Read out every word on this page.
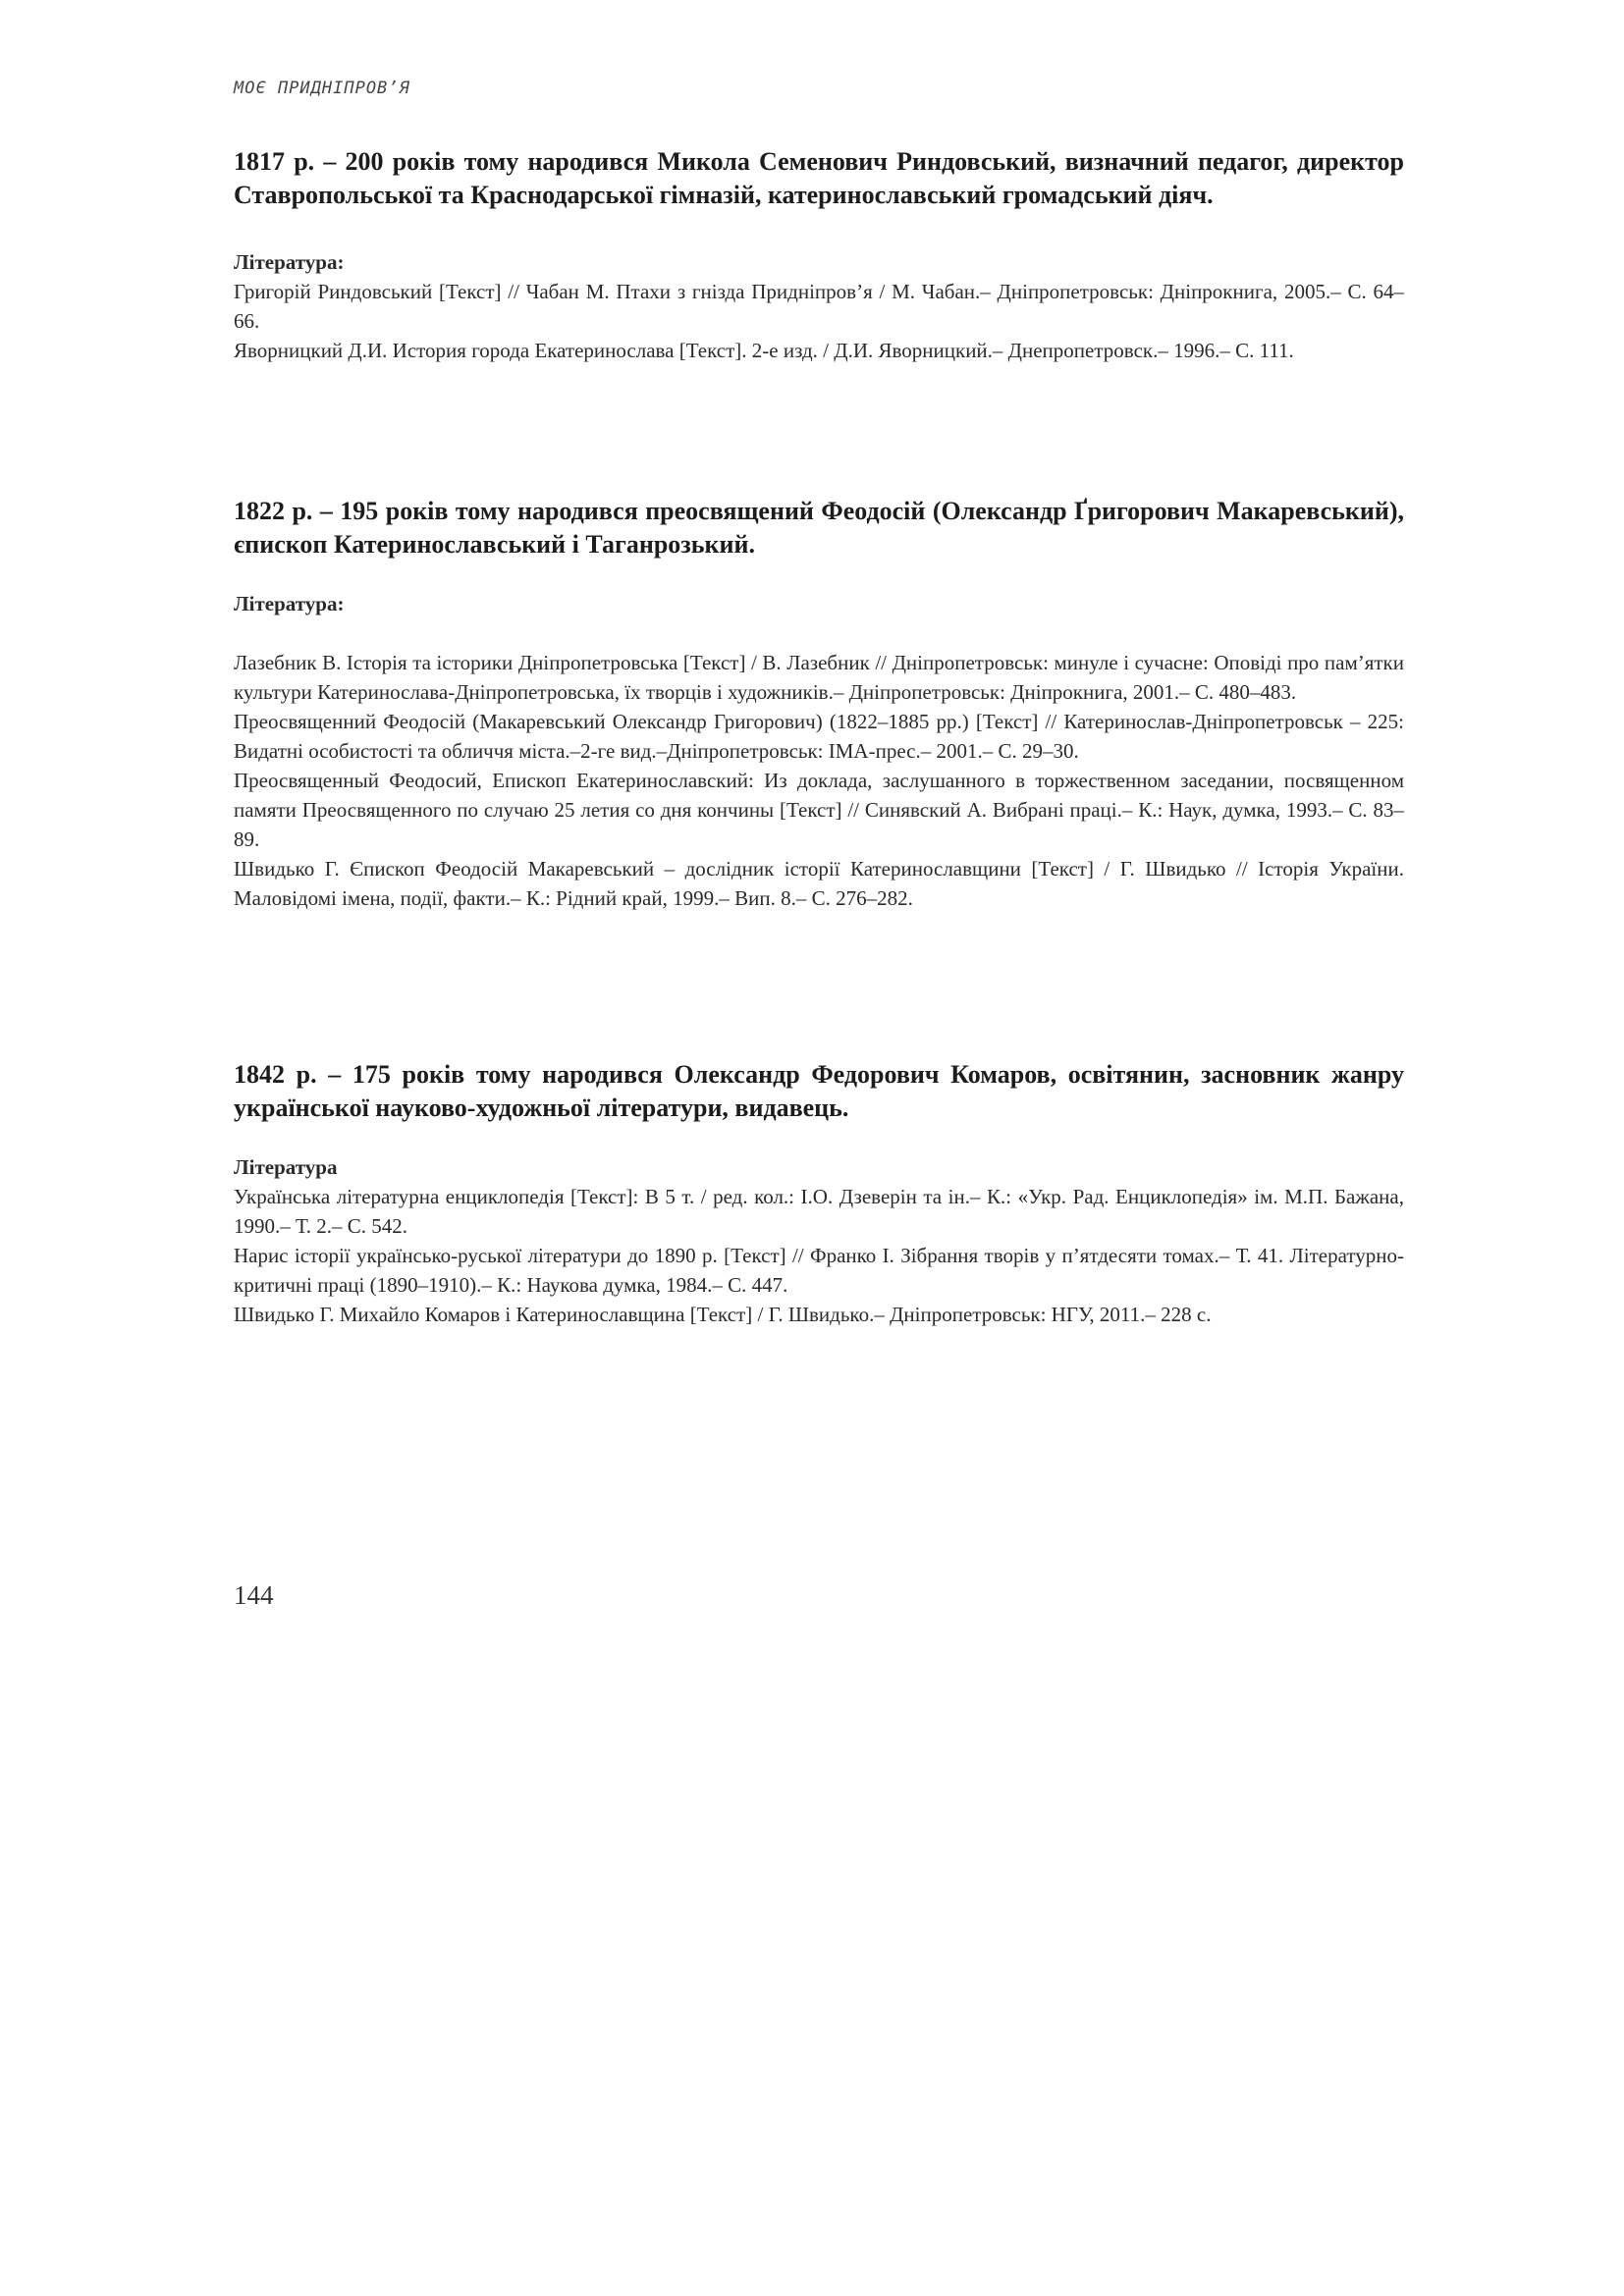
МОЄ ПРИДНІПРОВ’Я
1817 р. – 200 років тому народився Микола Семенович Риндовський, визначний педагог, директор Ставропольської та Краснодарської гімназій, катеринославський громадський діяч.
Література:
Григорій Риндовський [Текст] // Чабан М. Птахи з гнізда Придніпров’я / М. Чабан.– Дніпропетровськ: Дніпрокнига, 2005.– С. 64–66.
Яворницкий Д.И. История города Екатеринослава [Текст]. 2-е изд. / Д.И. Яворницкий.– Днепропетровск.– 1996.– С. 111.
1822 р. – 195 років тому народився преосвящений Феодосій (Олександр Ґригорович Макаревський), єпископ Катеринославський і Таганрозький.
Література:
Лазебник В. Історія та історики Дніпропетровська [Текст] / В. Лазебник // Дніпропетровськ: минуле і сучасне: Оповіді про пам’ятки культури Катеринослава-Дніпропетровська, їх творців і художників.– Дніпропетровськ: Дніпрокнига, 2001.– С. 480–483.
Преосвященний Феодосій (Макаревський Олександр Григорович) (1822–1885 рр.) [Текст] // Катеринослав-Дніпропетровськ – 225: Видатні особистості та обличчя міста.–2-ге вид.–Дніпропетровськ: ІМА-прес.– 2001.– С. 29–30.
Преосвященный Феодосий, Епископ Екатеринославский: Из доклада, заслушанного в торжественном заседании, посвященном памяти Преосвященного по случаю 25 летия со дня кончины [Текст] // Синявский А. Вибрані праці.– К.: Наук, думка, 1993.– С. 83–89.
Швидько Г. Єпископ Феодосій Макаревський – дослідник історії Катеринославщини [Текст] / Г. Швидько // Історія України. Маловідомі імена, події, факти.– К.: Рідний край, 1999.– Вип. 8.– С. 276–282.
1842 р. – 175 років тому народився Олександр Федорович Комаров, освітянин, засновник жанру української науково-художньої літератури, видавець.
Література
Українська літературна енциклопедія [Текст]: В 5 т. / ред. кол.: І.О. Дзеверін та ін.– К.: «Укр. Рад. Енциклопедія» ім. М.П. Бажана, 1990.– Т. 2.– С. 542.
Нарис історії українсько-руської літератури до 1890 р. [Текст] // Франко І. Зібрання творів у п’ятдесяти томах.– Т. 41. Літературно-критичні праці (1890–1910).– К.: Наукова думка, 1984.– С. 447.
Швидько Г. Михайло Комаров і Катеринославщина [Текст] / Г. Швидько.– Дніпропетровськ: НГУ, 2011.– 228 с.
144
